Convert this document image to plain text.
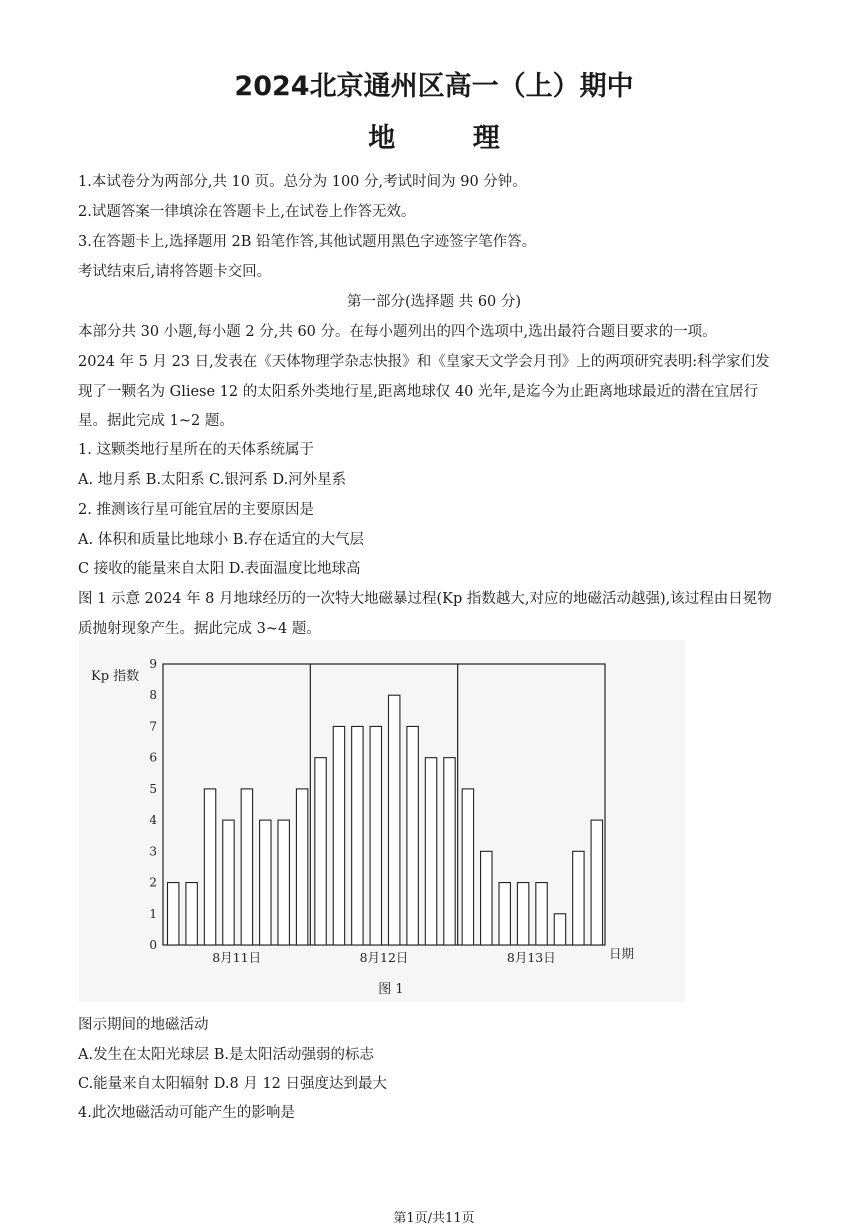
2024北京通州区高一（上）期中
地 理
1.本试卷分为两部分,共 10 页。总分为 100 分,考试时间为 90 分钟。
2.试题答案一律填涂在答题卡上,在试卷上作答无效。
3.在答题卡上,选择题用 2B 铅笔作答,其他试题用黑色字迹签字笔作答。
考试结束后,请将答题卡交回。
第一部分(选择题 共 60 分)
本部分共 30 小题,每小题 2 分,共 60 分。在每小题列出的四个选项中,选出最符合题目要求的一项。
2024 年 5 月 23 日,发表在《天体物理学杂志快报》和《皇家天文学会月刊》上的两项研究表明:科学家们发
现了一颗名为 Gliese 12 的太阳系外类地行星,距离地球仅 40 光年,是迄今为止距离地球最近的潜在宜居行
星。据此完成 1~2 题。
1. 这颗类地行星所在的天体系统属于
A. 地月系 B.太阳系 C.银河系 D.河外星系
2. 推测该行星可能宜居的主要原因是
A. 体积和质量比地球小 B.存在适宜的大气层
C 接收的能量来自太阳 D.表面温度比地球高
图 1 示意 2024 年 8 月地球经历的一次特大地磁暴过程(Kp 指数越大,对应的地磁活动越强),该过程由日冕物
质抛射现象产生。据此完成 3~4 题。
0
1
2
3
4
5
6
7
8
9
Kp 指数
8月11日	8月12日	8月13日	日期
图 1
图示期间的地磁活动
A.发生在太阳光球层 B.是太阳活动强弱的标志
C.能量来自太阳辐射 D.8 月 12 日强度达到最大
4.此次地磁活动可能产生的影响是
第1页/共11页
